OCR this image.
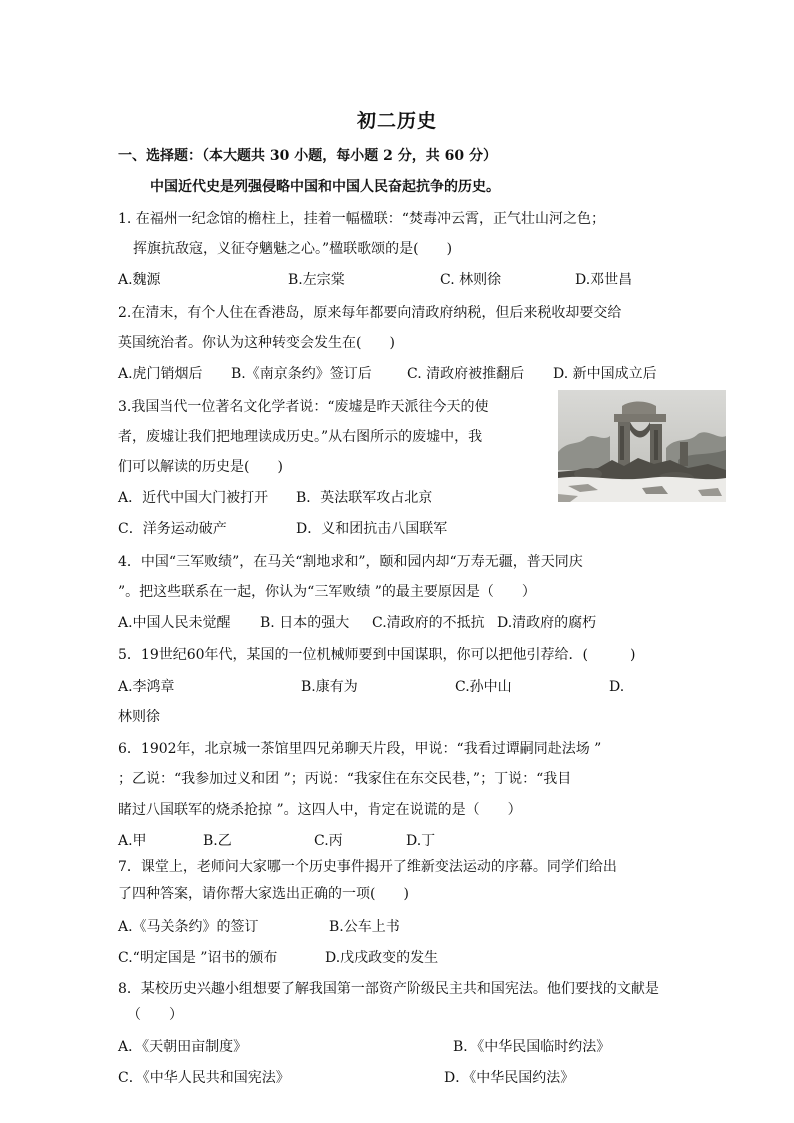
初二历史
一、选择题：（本大题共 30 小题，每小题 2 分，共 60 分）
中国近代史是列强侵略中国和中国人民奋起抗争的历史。
1. 在福州一纪念馆的檐柱上，挂着一幅楹联：“焚毒冲云霄，正气壮山河之色；
挥旗抗敌寇，义征夺魑魅之心。”楹联歌颂的是(　　)
A.魏源	B.左宗棠	C. 林则徐	D.邓世昌
2.在清末，有个人住在香港岛，原来每年都要向清政府纳税，但后来税收却要交给
英国统治者。你认为这种转变会发生在(　　)
A.虎门销烟后 B.《南京条约》签订后	C. 清政府被推翻后 D. 新中国成立后
3.我国当代一位著名文化学者说：“废墟是昨天派往今天的使
者，废墟让我们把地理读成历史。”从右图所示的废墟中，我
们可以解读的历史是(　　)
A．近代中国大门被打开 B．英法联军攻占北京
C．洋务运动破产	D．义和团抗击八国联军
4．中国“三军败绩”，在马关“割地求和”，颐和园内却“万寿无疆，普天同庆
”。把这些联系在一起，你认为“三军败绩 ”的最主要原因是（　　）
A.中国人民未觉醒 B. 日本的强大 C.清政府的不抵抗 D.清政府的腐朽
5．19世纪60年代，某国的一位机械师要到中国谋职，你可以把他引荐给．(　　　)
A.李鸿章	B.康有为	C.孙中山	D.
林则徐
6．1902年，北京城一茶馆里四兄弟聊天片段，甲说：“我看过谭嗣同赴法场 ”
；乙说：“我参加过义和团 ”；丙说：“我家住在东交民巷，”；丁说：“我目
睹过八国联军的烧杀抢掠 ”。这四人中，肯定在说谎的是（　　）
A.甲	B.乙	C.丙	D.丁
7．课堂上，老师问大家哪一个历史事件揭开了维新变法运动的序幕。同学们给出
了四种答案，请你帮大家选出正确的一项(　　)
A.《马关条约》的签订	B.公车上书
C.“明定国是 ”诏书的颁布	D.戊戌政变的发生
8．某校历史兴趣小组想要了解我国第一部资产阶级民主共和国宪法。他们要找的文献是
（　　）
A．《天朝田亩制度》	B．《中华民国临时约法》
C．《中华人民共和国宪法》	D．《中华民国约法》
